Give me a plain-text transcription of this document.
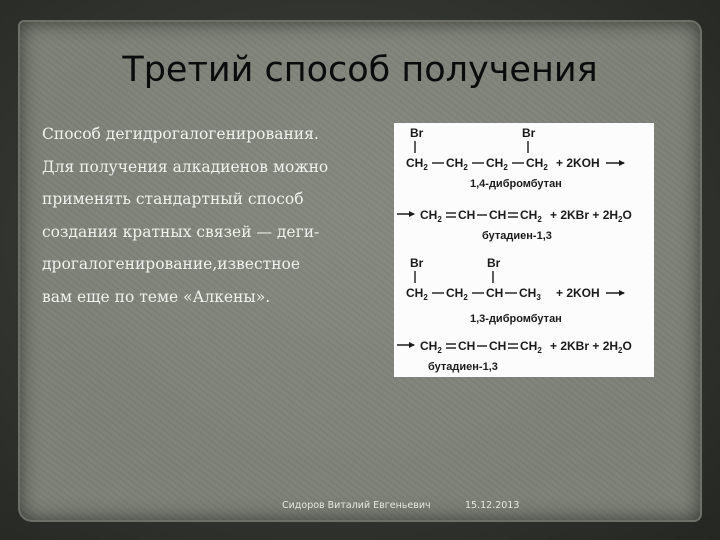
Третий способ получения
Способ дегидрогалогенирования.
Для получения алкадиенов можно
применять стандартный способ
создания кратных связей — деги-
дрогалогенирование,известное
вам еще по теме «Алкены».
Br	Br
$CH_2$ $CH_2$ $CH_2$ $CH_2 + 2KOH$
1,4-дибромбутан
$CH_2$ CH CH $CH_2 + 2KBr + 2H_2O$
бутадиен-1,3
Br	Br
$CH_2$ $CH_2$ CH $CH_3 + 2KOH$
1,3-дибромбутан
$CH_2$ CH CH $CH_2 + 2KBr + 2H_2O$
бутадиен-1,3
Сидоров Виталий Евгеньевич	15.12.2013
